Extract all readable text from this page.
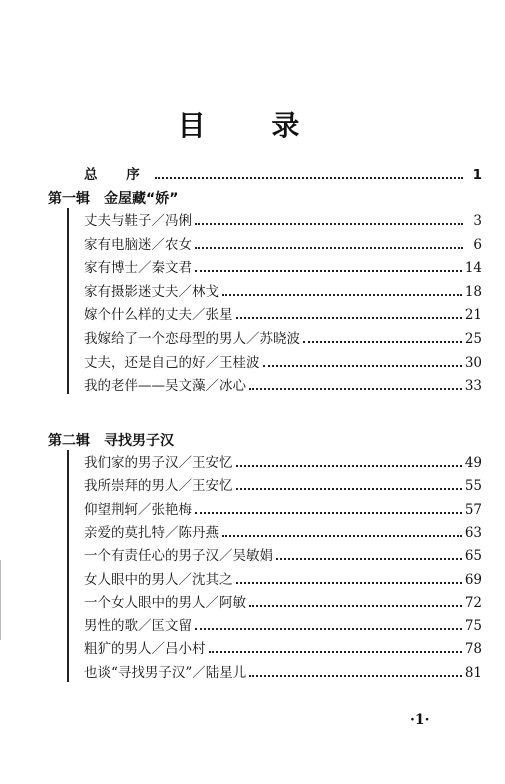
目 录
总 序	1
第一辑　金屋藏“娇”
丈夫与鞋子／冯俐	3
家有电脑迷／农女	6
家有博士／秦文君	14
家有摄影迷丈夫／林戈	18
嫁个什么样的丈夫／张星	21
我嫁给了一个恋母型的男人／苏晓波	25
丈夫，还是自己的好／王桂波	30
我的老伴——吴文藻／冰心	33
第二辑　寻找男子汉
我们家的男子汉／王安忆	49
我所崇拜的男人／王安忆	55
仰望荆轲／张艳梅	57
亲爱的莫扎特／陈丹燕	63
一个有责任心的男子汉／吴敏娟	65
女人眼中的男人／沈其之	69
一个女人眼中的男人／阿敏	72
男性的歌／匡文留	75
粗犷的男人／吕小村	78
也谈“寻找男子汉”／陆星儿	81
·1·
